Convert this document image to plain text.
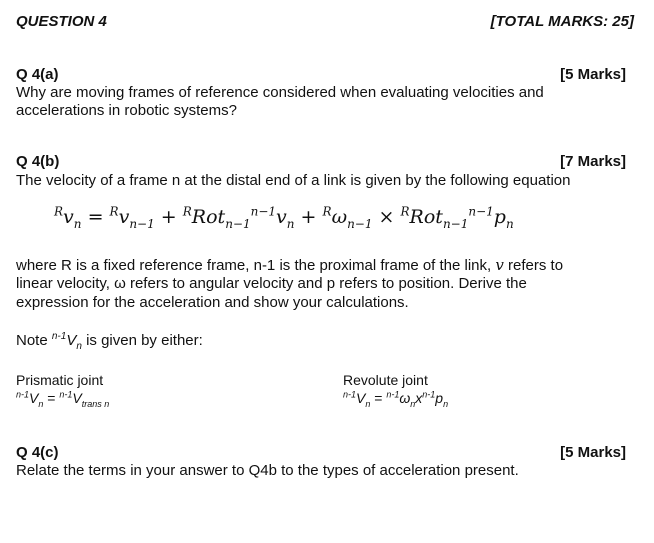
QUESTION 4	[TOTAL MARKS: 25]
Q 4(a)	[5 Marks]
Why are moving frames of reference considered when evaluating velocities and
accelerations in robotic systems?
Q 4(b)	[7 Marks]
The velocity of a frame n at the distal end of a link is given by the following equation
$^Rv_n = ^Rv_{n-1} + ^RRot_{n-1}^{n-1}v_n + ^R\omega_{n-1} \times ^RRot_{n-1}^{n-1}p_n$
where R is a fixed reference frame, n-1 is the proximal frame of the link, v refers to
linear velocity, ω refers to angular velocity and p refers to position. Derive the
expression for the acceleration and show your calculations.
Note $^{n-1}V_n$ is given by either:
Prismatic joint
$^{n-1}V_n = ^{n-1}V_{trans n}$
Revolute joint
$^{n-1}V_n = ^{n-1}\omega_nx^{n-1}p_n$
Q 4(c)	[5 Marks]
Relate the terms in your answer to Q4b to the types of acceleration present.
